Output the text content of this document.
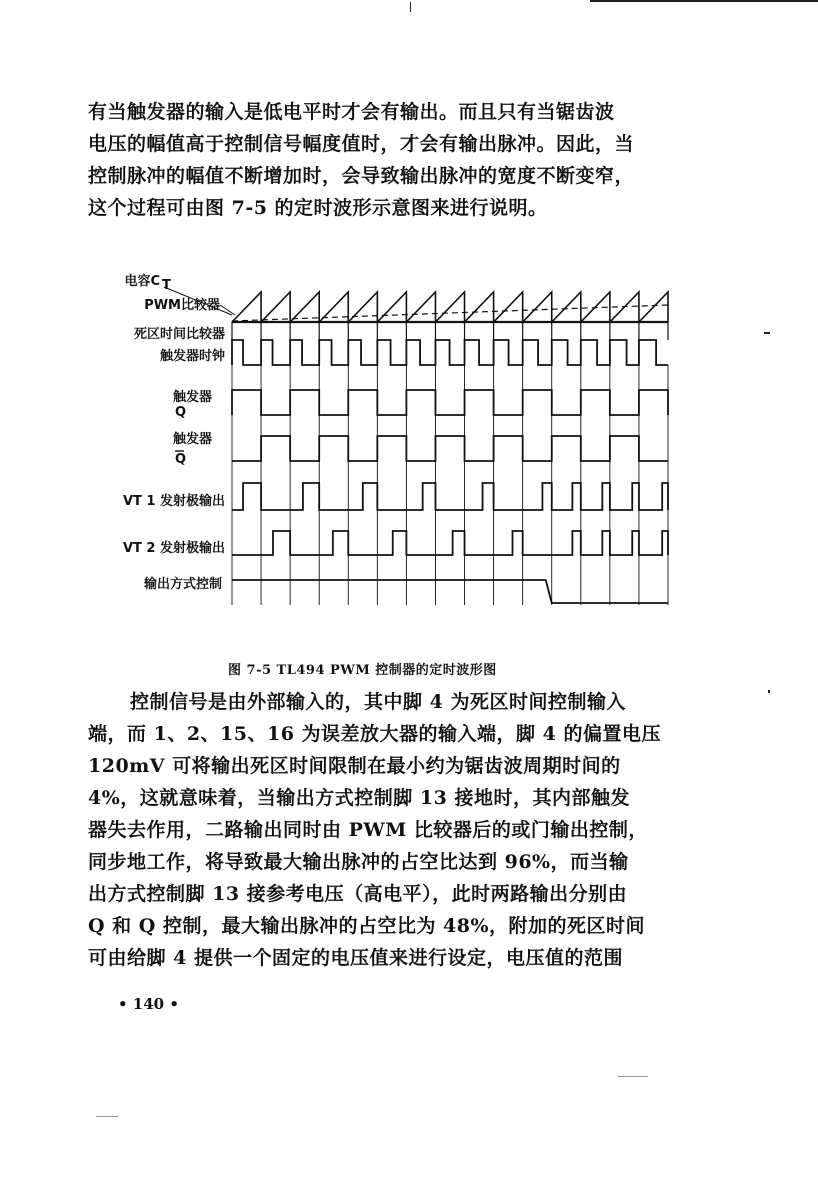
有当触发器的输入是低电平时才会有输出。而且只有当锯齿波
电压的幅值高于控制信号幅度值时，才会有输出脉冲。因此，当
控制脉冲的幅值不断增加时，会导致输出脉冲的宽度不断变窄，
这个过程可由图 7-5 的定时波形示意图来进行说明。
电容C T
PWM比较器
死区时间比较器
触发器时钟
触发器
Q
触发器
Q
VT 1 发射极输出
VT 2 发射极输出
输出方式控制
图 7-5 TL494 PWM 控制器的定时波形图
控制信号是由外部输入的，其中脚 4 为死区时间控制输入
端，而 1、2、15、16 为误差放大器的输入端，脚 4 的偏置电压
120mV 可将输出死区时间限制在最小约为锯齿波周期时间的
4%，这就意味着，当输出方式控制脚 13 接地时，其内部触发
器失去作用，二路输出同时由 PWM 比较器后的或门输出控制，
同步地工作，将导致最大输出脉冲的占空比达到 96%，而当输
出方式控制脚 13 接参考电压（高电平），此时两路输出分别由
Q 和 Q 控制，最大输出脉冲的占空比为 48%，附加的死区时间
可由给脚 4 提供一个固定的电压值来进行设定，电压值的范围
• 140 •
